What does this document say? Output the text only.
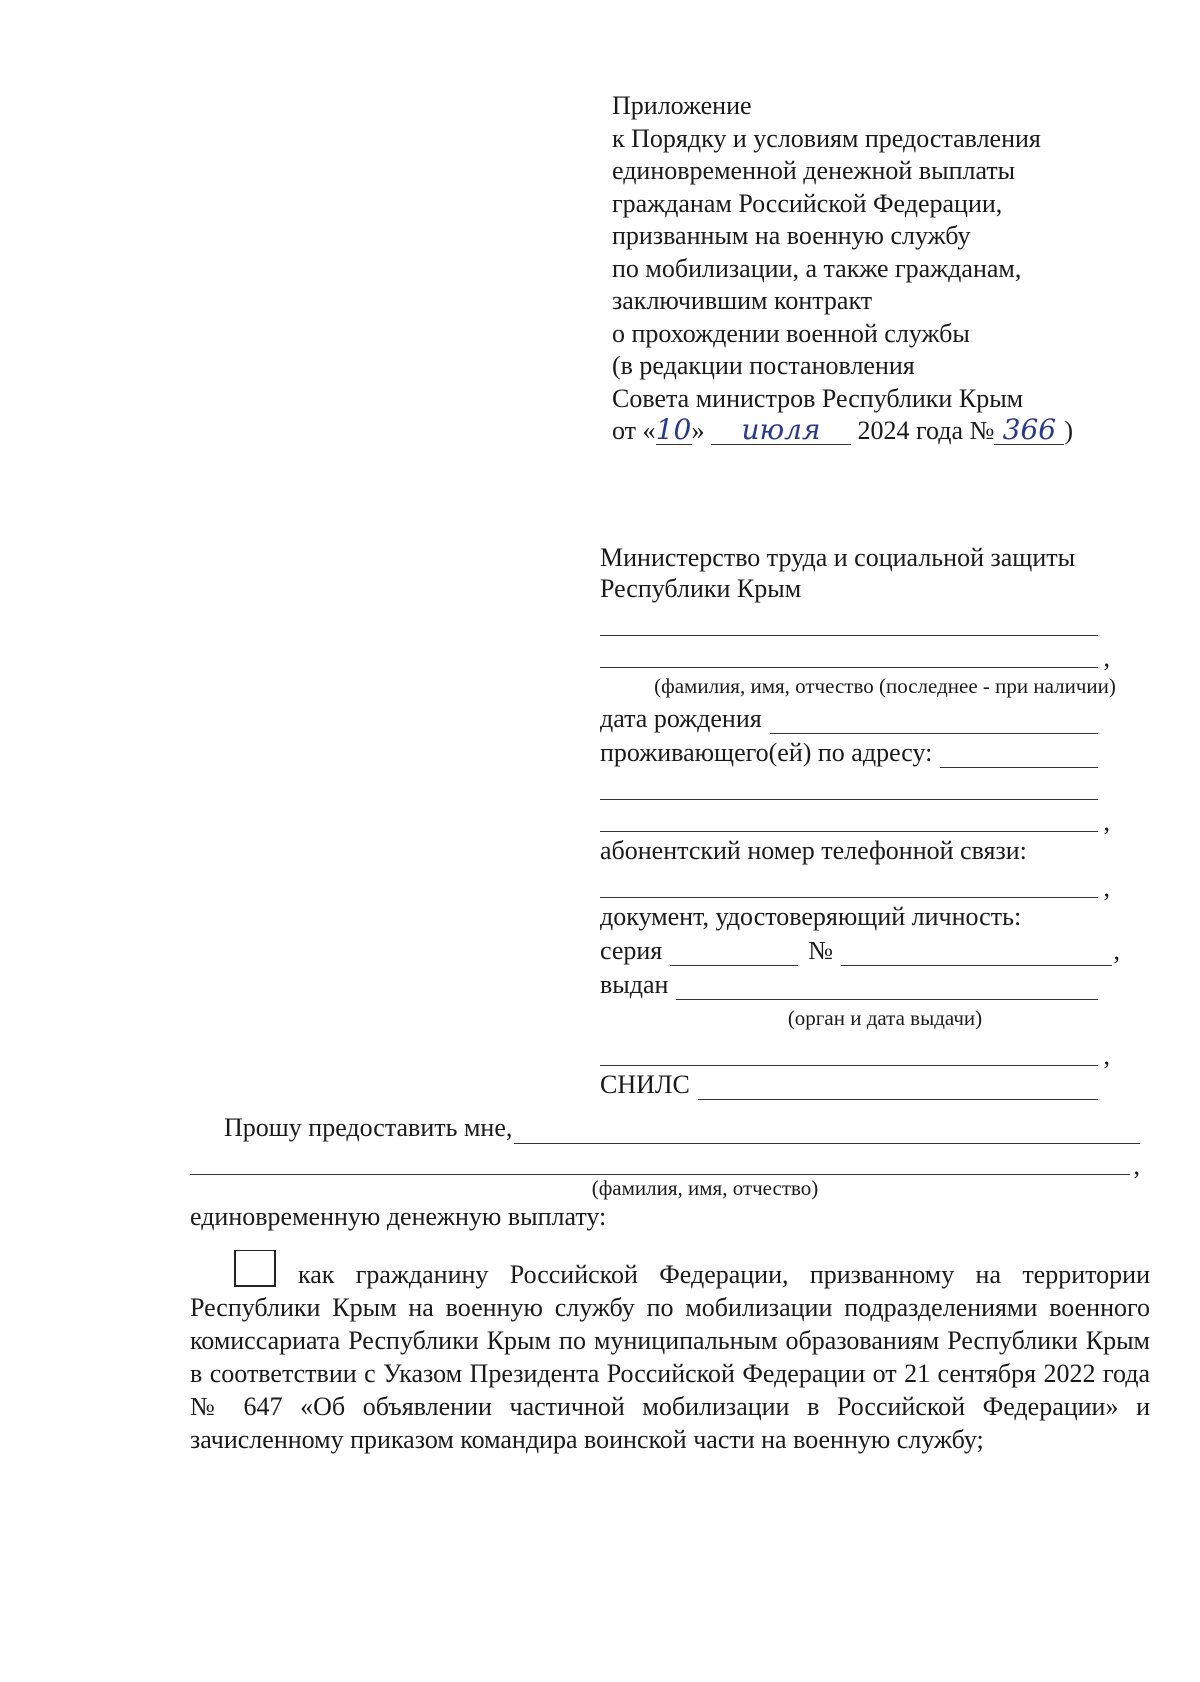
Приложение
к Порядку и условиям предоставления
единовременной денежной выплаты
гражданам Российской Федерации,
призванным на военную службу
по мобилизации, а также гражданам,
заключившим контракт
о прохождении военной службы
(в редакции постановления
Совета министров Республики Крым
от «10» июля 2024 года № 366 )
Министерство труда и социальной защиты
Республики Крым
,
(фамилия, имя, отчество (последнее - при наличии)
дата рождения
проживающего(ей) по адресу:
,
абонентский номер телефонной связи:
,
документ, удостоверяющий личность:
серия	№	,
выдан
(орган и дата выдачи)
,
СНИЛС
Прошу предоставить мне,
,
(фамилия, имя, отчество)
единовременную денежную выплату:
как гражданину Российской Федерации, призванному на территории Республики Крым на военную службу по мобилизации подразделениями военного комиссариата Республики Крым по муниципальным образованиям Республики Крым в соответствии с Указом Президента Российской Федерации от 21 сентября 2022 года № 647 «Об объявлении частичной мобилизации в Российской Федерации» и зачисленному приказом командира воинской части на военную службу;
